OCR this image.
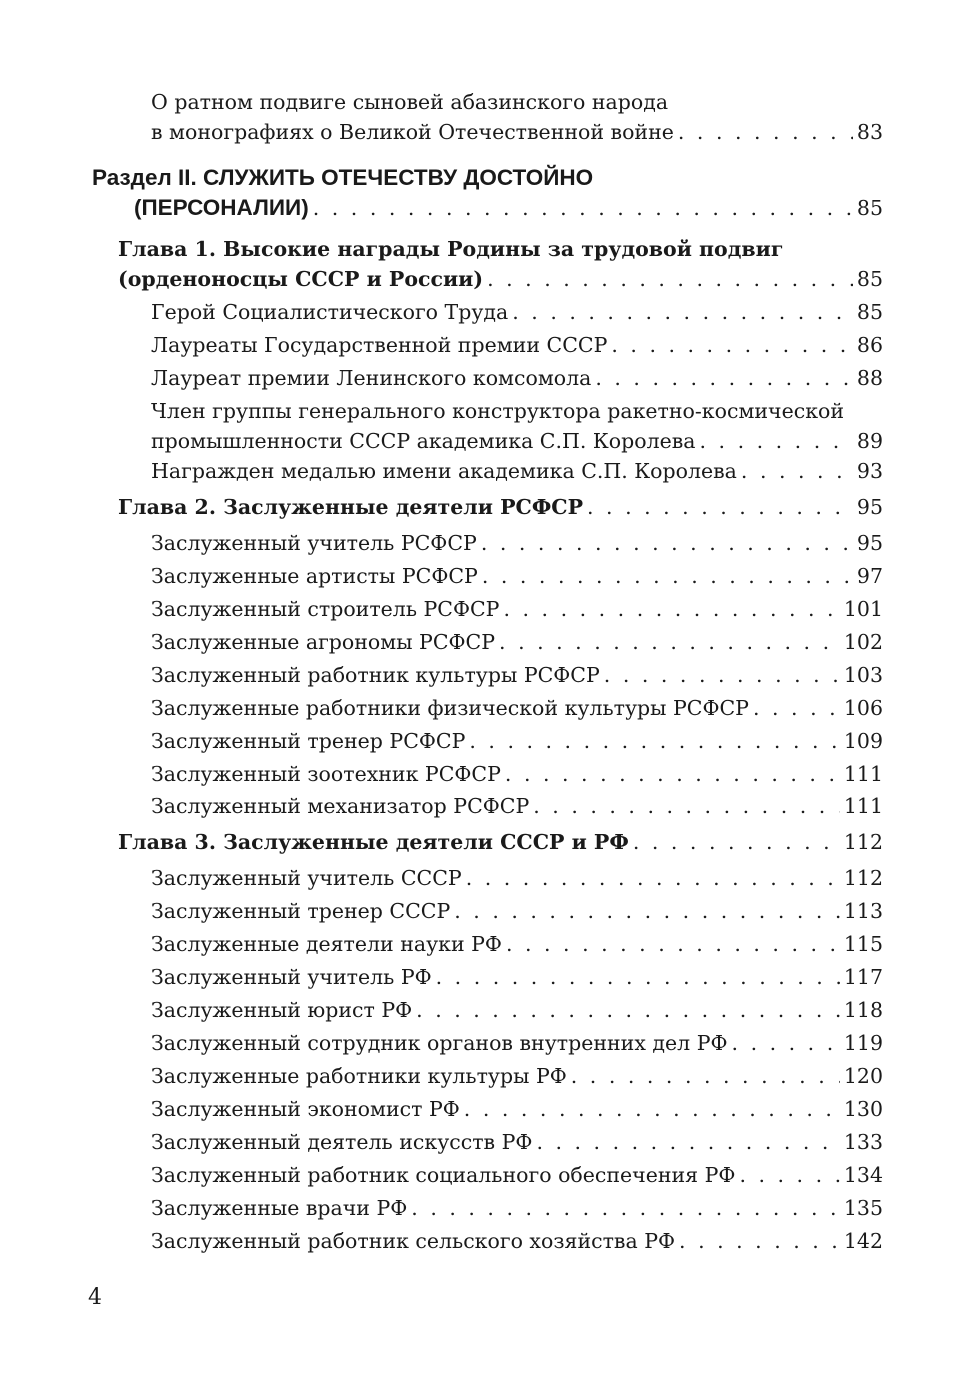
О ратном подвиге сыновей абазинского народа
в монографиях о Великой Отечественной войне . . .	83
Раздел II. СЛУЖИТЬ ОТЕЧЕСТВУ ДОСТОЙНО
(ПЕРСОНАЛИИ) . . .	85
Глава 1. Высокие награды Родины за трудовой подвиг
(орденоносцы СССР и России) . . .	85
Герой Социалистического Труда . . .	85
Лауреаты Государственной премии СССР . . .	86
Лауреат премии Ленинского комсомола . . .	88
Член группы генерального конструктора ракетно-космической
промышленности СССР академика С.П. Королева . . .	89
Награжден медалью имени академика С.П. Королева . . .	93
Глава 2. Заслуженные деятели РСФСР . . .	95
Заслуженный учитель РСФСР . . .	95
Заслуженные артисты РСФСР . . .	97
Заслуженный строитель РСФСР . . .	101
Заслуженные агрономы РСФСР . . .	102
Заслуженный работник культуры РСФСР . . .	103
Заслуженные работники физической культуры РСФСР . . .	106
Заслуженный тренер РСФСР . . .	109
Заслуженный зоотехник РСФСР . . .	111
Заслуженный механизатор РСФСР . . .	111
Глава 3. Заслуженные деятели СССР и РФ . . .	112
Заслуженный учитель СССР . . .	112
Заслуженный тренер СССР . . .	113
Заслуженные деятели науки РФ . . .	115
Заслуженный учитель РФ . . .	117
Заслуженный юрист РФ . . .	118
Заслуженный сотрудник органов внутренних дел РФ . . .	119
Заслуженные работники культуры РФ . . .	120
Заслуженный экономист РФ . . .	130
Заслуженный деятель искусств РФ . . .	133
Заслуженный работник социального обеспечения РФ . . .	134
Заслуженные врачи РФ . . .	135
Заслуженный работник сельского хозяйства РФ . . .	142
4
